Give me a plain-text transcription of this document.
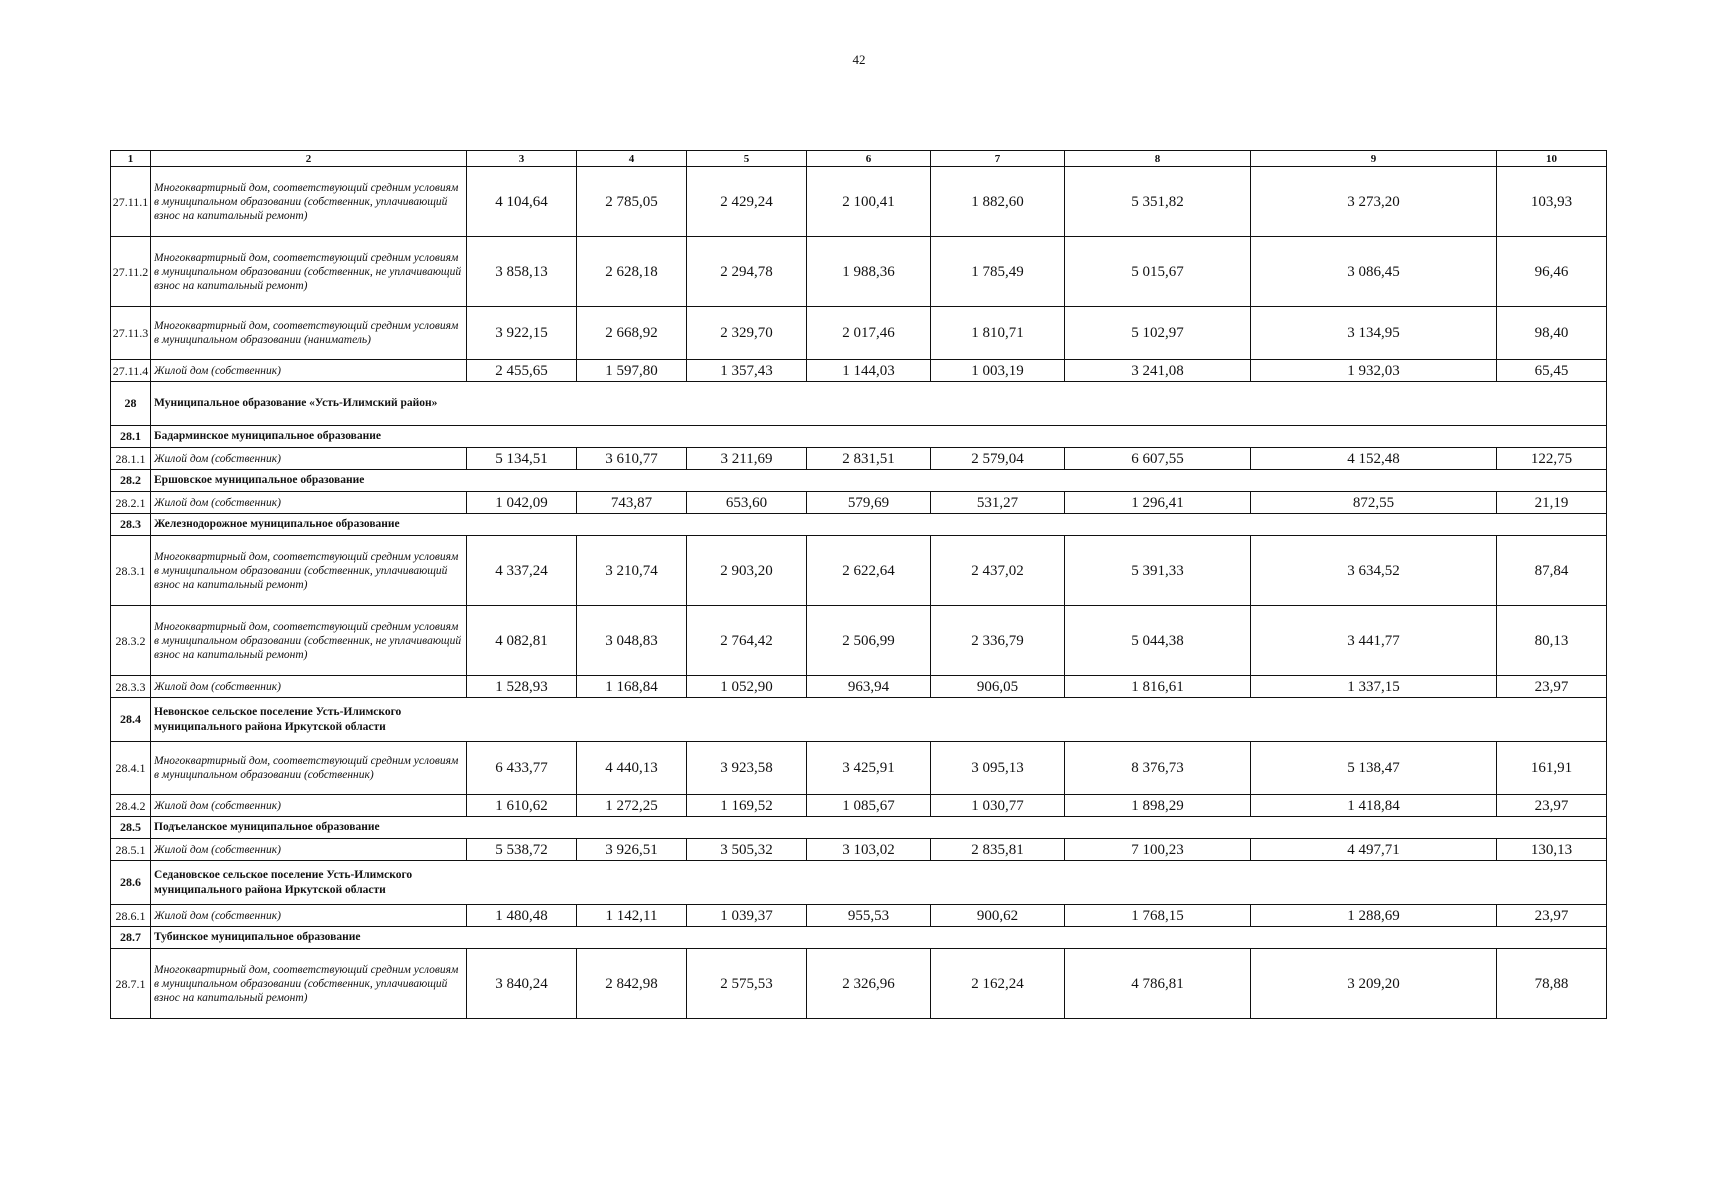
42
1	2	3	4	5	6	7	8	9	10
27.11.1	Многоквартирный дом, соответствующий средним условиям в муниципальном образовании (собственник, уплачивающий взнос на капитальный ремонт)	4 104,64	2 785,05	2 429,24	2 100,41	1 882,60	5 351,82	3 273,20	103,93
27.11.2	Многоквартирный дом, соответствующий средним условиям в муниципальном образовании (собственник, не уплачивающий взнос на капитальный ремонт)	3 858,13	2 628,18	2 294,78	1 988,36	1 785,49	5 015,67	3 086,45	96,46
27.11.3	Многоквартирный дом, соответствующий средним условиям в муниципальном образовании (наниматель)	3 922,15	2 668,92	2 329,70	2 017,46	1 810,71	5 102,97	3 134,95	98,40
27.11.4	Жилой дом (собственник)	2 455,65	1 597,80	1 357,43	1 144,03	1 003,19	3 241,08	1 932,03	65,45
28	Муниципальное образование «Усть-Илимский район»								
28.1	Бадарминское муниципальное образование								
28.1.1	Жилой дом (собственник)	5 134,51	3 610,77	3 211,69	2 831,51	2 579,04	6 607,55	4 152,48	122,75
28.2	Ершовское муниципальное образование								
28.2.1	Жилой дом (собственник)	1 042,09	743,87	653,60	579,69	531,27	1 296,41	872,55	21,19
28.3	Железнодорожное муниципальное образование								
28.3.1	Многоквартирный дом, соответствующий средним условиям в муниципальном образовании (собственник, уплачивающий взнос на капитальный ремонт)	4 337,24	3 210,74	2 903,20	2 622,64	2 437,02	5 391,33	3 634,52	87,84
28.3.2	Многоквартирный дом, соответствующий средним условиям в муниципальном образовании (собственник, не уплачивающий взнос на капитальный ремонт)	4 082,81	3 048,83	2 764,42	2 506,99	2 336,79	5 044,38	3 441,77	80,13
28.3.3	Жилой дом (собственник)	1 528,93	1 168,84	1 052,90	963,94	906,05	1 816,61	1 337,15	23,97
28.4	Невонское сельское поселение Усть-Илимского муниципального района Иркутской области								
28.4.1	Многоквартирный дом, соответствующий средним условиям в муниципальном образовании (собственник)	6 433,77	4 440,13	3 923,58	3 425,91	3 095,13	8 376,73	5 138,47	161,91
28.4.2	Жилой дом (собственник)	1 610,62	1 272,25	1 169,52	1 085,67	1 030,77	1 898,29	1 418,84	23,97
28.5	Подъеланское муниципальное образование								
28.5.1	Жилой дом (собственник)	5 538,72	3 926,51	3 505,32	3 103,02	2 835,81	7 100,23	4 497,71	130,13
28.6	Седановское сельское поселение Усть-Илимского муниципального района Иркутской области								
28.6.1	Жилой дом (собственник)	1 480,48	1 142,11	1 039,37	955,53	900,62	1 768,15	1 288,69	23,97
28.7	Тубинское муниципальное образование								
28.7.1	Многоквартирный дом, соответствующий средним условиям в муниципальном образовании (собственник, уплачивающий взнос на капитальный ремонт)	3 840,24	2 842,98	2 575,53	2 326,96	2 162,24	4 786,81	3 209,20	78,88
